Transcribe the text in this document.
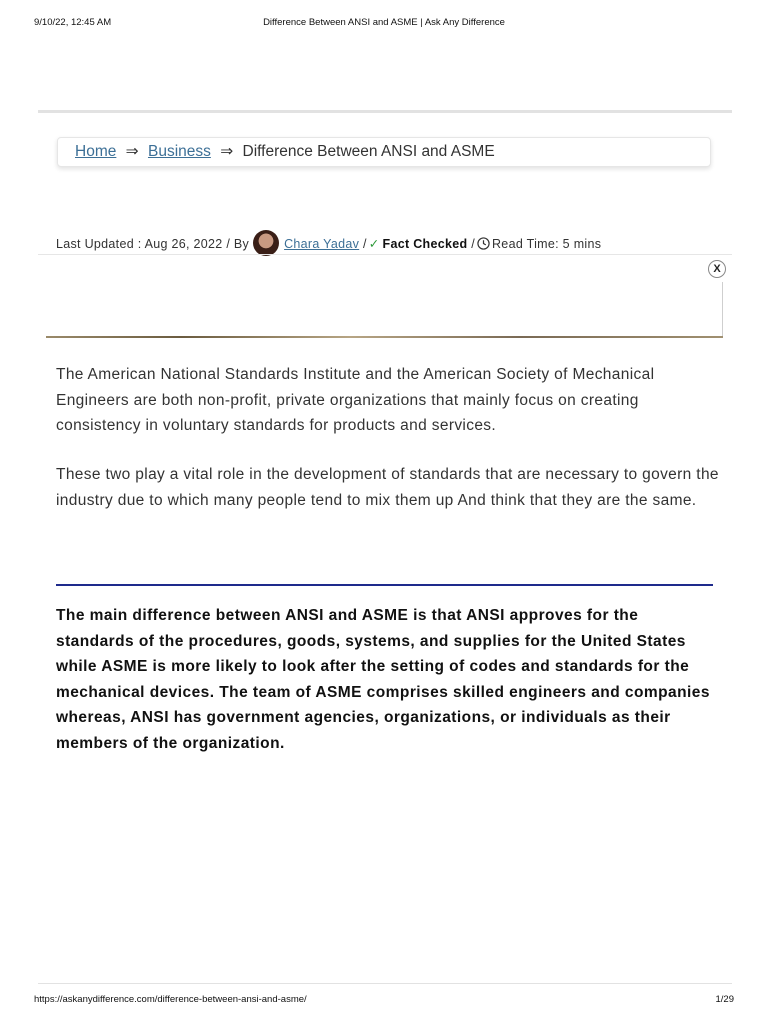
9/10/22, 12:45 AM	Difference Between ANSI and ASME | Ask Any Difference
Home ⇒ Business ⇒ Difference Between ANSI and ASME
Last Updated : Aug 26, 2022 / By	Chara Yadav / ✓ Fact Checked / Read Time: 5 mins
X

The American National Standards Institute and the American Society of Mechanical Engineers are both non-profit, private organizations that mainly focus on creating consistency in voluntary standards for products and services.

These two play a vital role in the development of standards that are necessary to govern the industry due to which many people tend to mix them up And think that they are the same.

The main difference between ANSI and ASME is that ANSI approves for the standards of the procedures, goods, systems, and supplies for the United States while ASME is more likely to look after the setting of codes and standards for the mechanical devices. The team of ASME comprises skilled engineers and companies whereas, ANSI has government agencies, organizations, or individuals as their members of the organization.

https://askanydifference.com/difference-between-ansi-and-asme/	1/29
